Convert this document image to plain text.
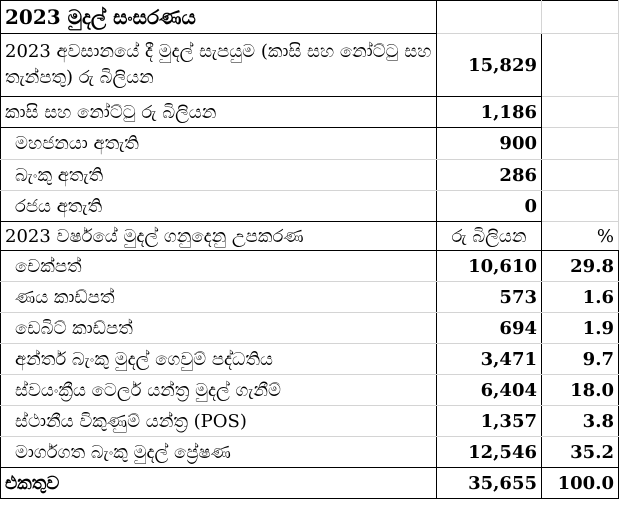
2023 මුදල් සංසරණය		
2023 අවසානයේ දී මුදල් සැපයුම (කාසි සහ නෝට්ටු සහ තැන්පතු) රු බිලියන	15,829	
කාසි සහ නෝට්ටු රු බිලියන	1,186	
මහජනයා අතැති	900	
බැංකු අතැති	286	
රජය අතැති	0	
2023 වර්ෂයේ මුදල් ගනුදෙනු උපකරණ	රු බිලියන	%
චෙක්පත්	10,610	29.8
ණය කාඩ්පත්	573	1.6
ඩෙබිට් කාඩ්පත්	694	1.9
අන්තර් බැංකු මුදල් ගෙවුම් පද්ධතිය	3,471	9.7
ස්වයංක්‍රීය ටෙලර් යන්ත්‍ර මුදල් ගැනීම්	6,404	18.0
ස්ථානීය විකුණුම් යන්ත්‍ර (POS)	1,357	3.8
මාර්ගගත බැංකු මුදල් ප්‍රේෂණ	12,546	35.2
එකතුව	35,655	100.0
